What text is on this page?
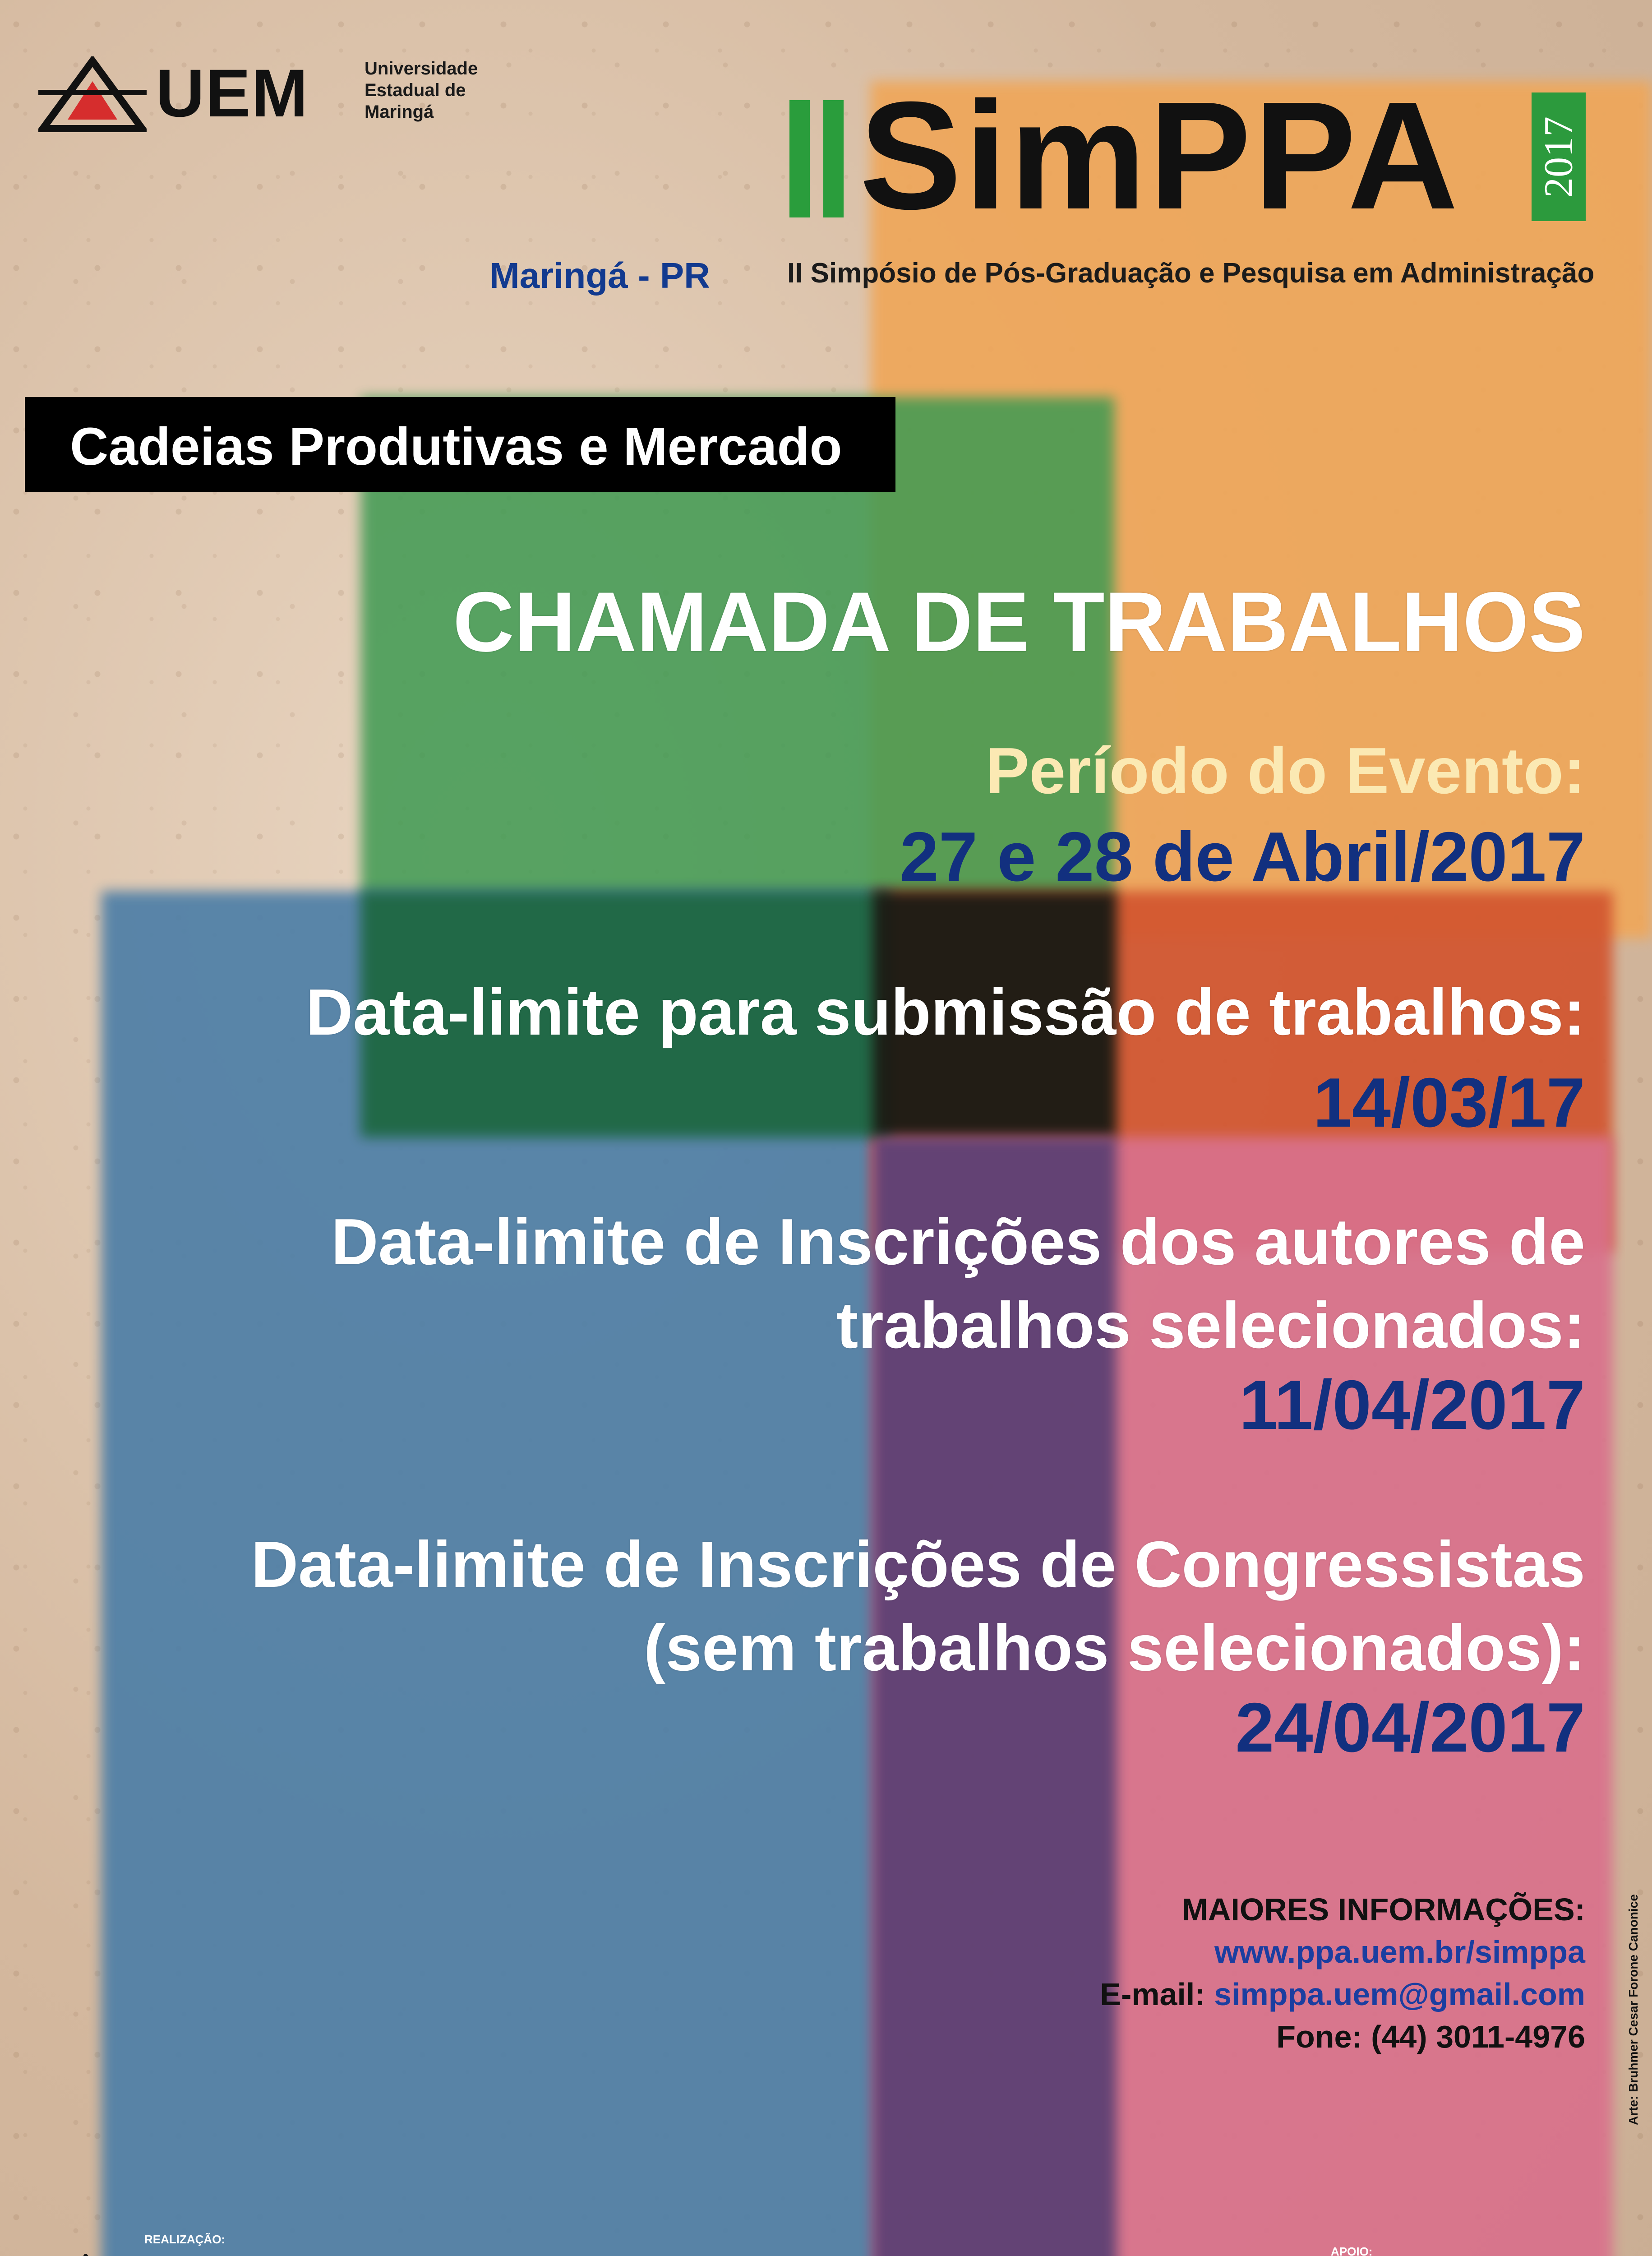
UEM	Universidade
Estadual de
Maringá	SimPPA 2017
II Simpósio de Pós-Graduação e Pesquisa em Administração
Maringá - PR
Cadeias Produtivas e Mercado
CHAMADA DE TRABALHOS
Período do Evento:
27 e 28 de Abril/2017
Data-limite para submissão de trabalhos:
14/03/17
Data-limite de Inscrições dos autores de
trabalhos selecionados:
11/04/2017
Data-limite de Inscrições de Congressistas
(sem trabalhos selecionados):
24/04/2017
MAIORES INFORMAÇÕES:
www.ppa.uem.br/simppa
E-mail: simppa.uem@gmail.com
Fone: (44) 3011-4976
REALIZAÇÃO:
APOIO:
Arte: Bruhmer Cesar Forone Canonice
